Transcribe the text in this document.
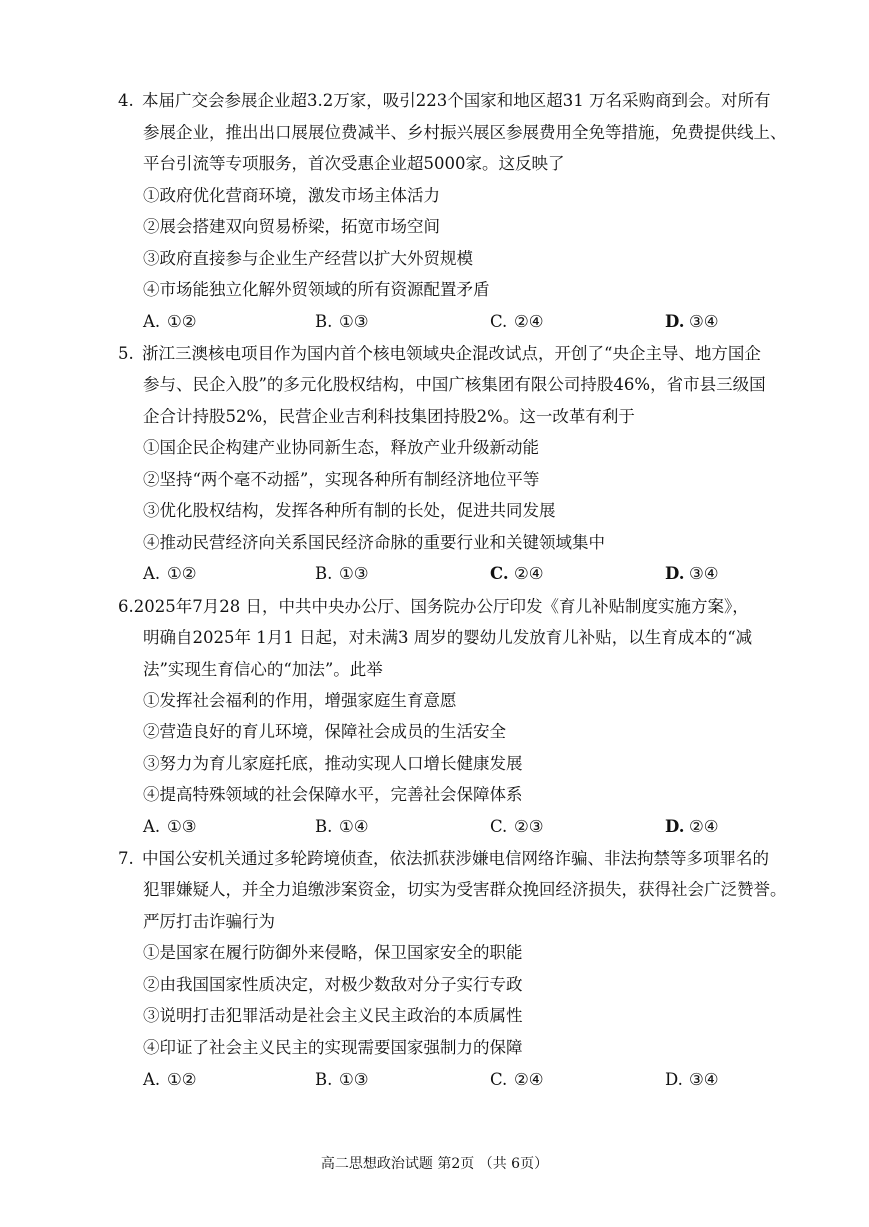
4. 本届广交会参展企业超3.2万家，吸引223个国家和地区超31 万名采购商到会。对所有
参展企业，推出出口展展位费减半、乡村振兴展区参展费用全免等措施，免费提供线上、
平台引流等专项服务，首次受惠企业超5000家。这反映了
①政府优化营商环境，激发市场主体活力
②展会搭建双向贸易桥梁，拓宽市场空间
③政府直接参与企业生产经营以扩大外贸规模
④市场能独立化解外贸领域的所有资源配置矛盾
A. ①②	B. ①③	C. ②④	D. ③④
5. 浙江三澳核电项目作为国内首个核电领域央企混改试点，开创了“央企主导、地方国企
参与、民企入股”的多元化股权结构，中国广核集团有限公司持股46%，省市县三级国
企合计持股52%，民营企业吉利科技集团持股2%。这一改革有利于
①国企民企构建产业协同新生态，释放产业升级新动能
②坚持“两个毫不动摇”，实现各种所有制经济地位平等
③优化股权结构，发挥各种所有制的长处，促进共同发展
④推动民营经济向关系国民经济命脉的重要行业和关键领域集中
A. ①②	B. ①③	C. ②④	D. ③④
6.2025年7月28 日，中共中央办公厅、国务院办公厅印发《育儿补贴制度实施方案》，
明确自2025年 1月1 日起，对未满3 周岁的婴幼儿发放育儿补贴，以生育成本的“减
法”实现生育信心的“加法”。此举
①发挥社会福利的作用，增强家庭生育意愿
②营造良好的育儿环境，保障社会成员的生活安全
③努力为育儿家庭托底，推动实现人口增长健康发展
④提高特殊领域的社会保障水平，完善社会保障体系
A. ①③	B. ①④	C. ②③	D. ②④
7. 中国公安机关通过多轮跨境侦查，依法抓获涉嫌电信网络诈骗、非法拘禁等多项罪名的
犯罪嫌疑人，并全力追缴涉案资金，切实为受害群众挽回经济损失，获得社会广泛赞誉。
严厉打击诈骗行为
①是国家在履行防御外来侵略，保卫国家安全的职能
②由我国国家性质决定，对极少数敌对分子实行专政
③说明打击犯罪活动是社会主义民主政治的本质属性
④印证了社会主义民主的实现需要国家强制力的保障
A. ①②	B. ①③	C. ②④	D. ③④
高二思想政治试题 第2页 （共 6页）
